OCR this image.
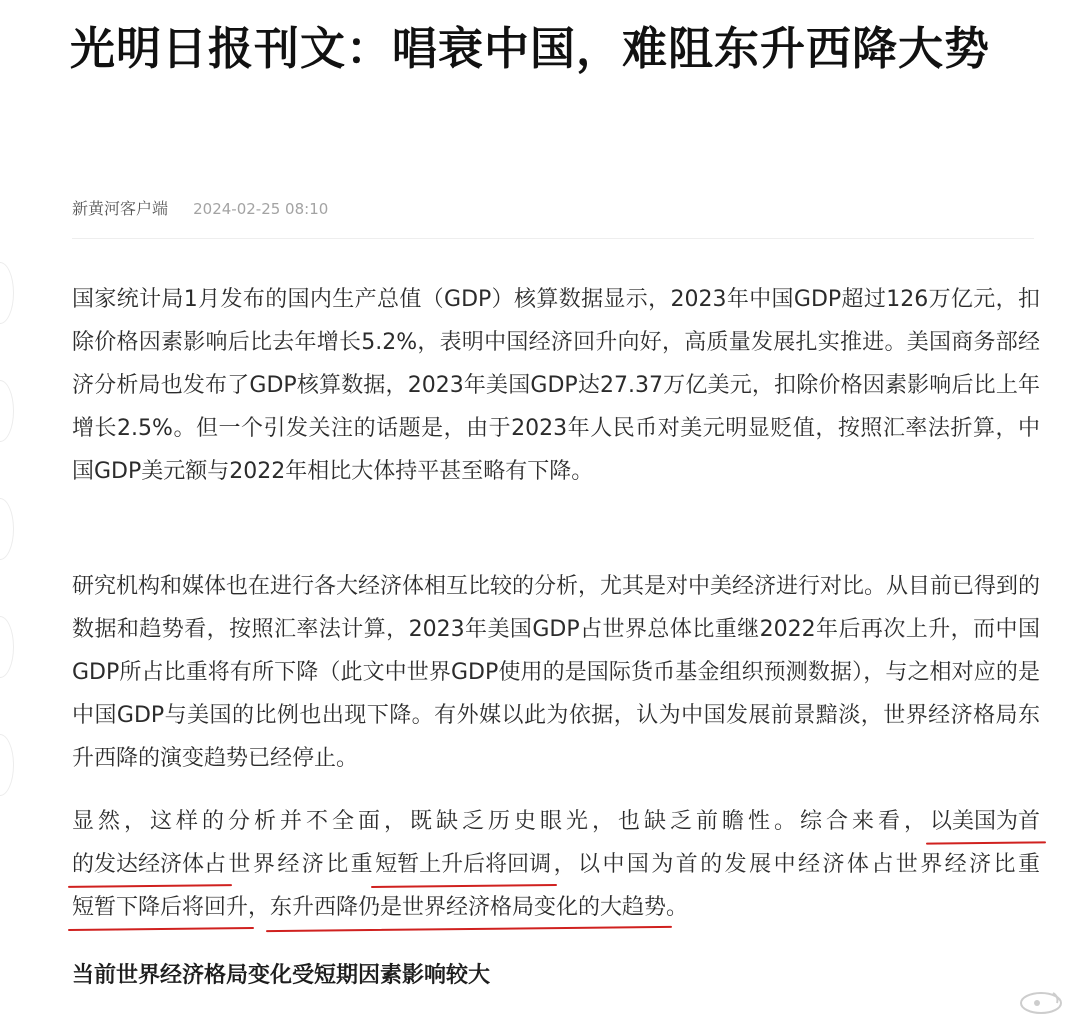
光明日报刊文：唱衰中国，难阻东升西降大势
新黄河客户端 2024-02-25 08:10

国家统计局1月发布的国内生产总值（GDP）核算数据显示，2023年中国GDP超过126万亿元，扣除价格因素影响后比去年增长5.2%，表明中国经济回升向好，高质量发展扎实推进。美国商务部经济分析局也发布了GDP核算数据，2023年美国GDP达27.37万亿美元，扣除价格因素影响后比上年增长2.5%。但一个引发关注的话题是，由于2023年人民币对美元明显贬值，按照汇率法折算，中国GDP美元额与2022年相比大体持平甚至略有下降。

研究机构和媒体也在进行各大经济体相互比较的分析，尤其是对中美经济进行对比。从目前已得到的数据和趋势看，按照汇率法计算，2023年美国GDP占世界总体比重继2022年后再次上升，而中国GDP所占比重将有所下降（此文中世界GDP使用的是国际货币基金组织预测数据），与之相对应的是中国GDP与美国的比例也出现下降。有外媒以此为依据，认为中国发展前景黯淡，世界经济格局东升西降的演变趋势已经停止。

显然，这样的分析并不全面，既缺乏历史眼光，也缺乏前瞻性。综合来看，以美国为首的发达经济体占世界经济比重短暂上升后将回调，以中国为首的发展中经济体占世界经济比重短暂下降后将回升，东升西降仍是世界经济格局变化的大趋势。

当前世界经济格局变化受短期因素影响较大
